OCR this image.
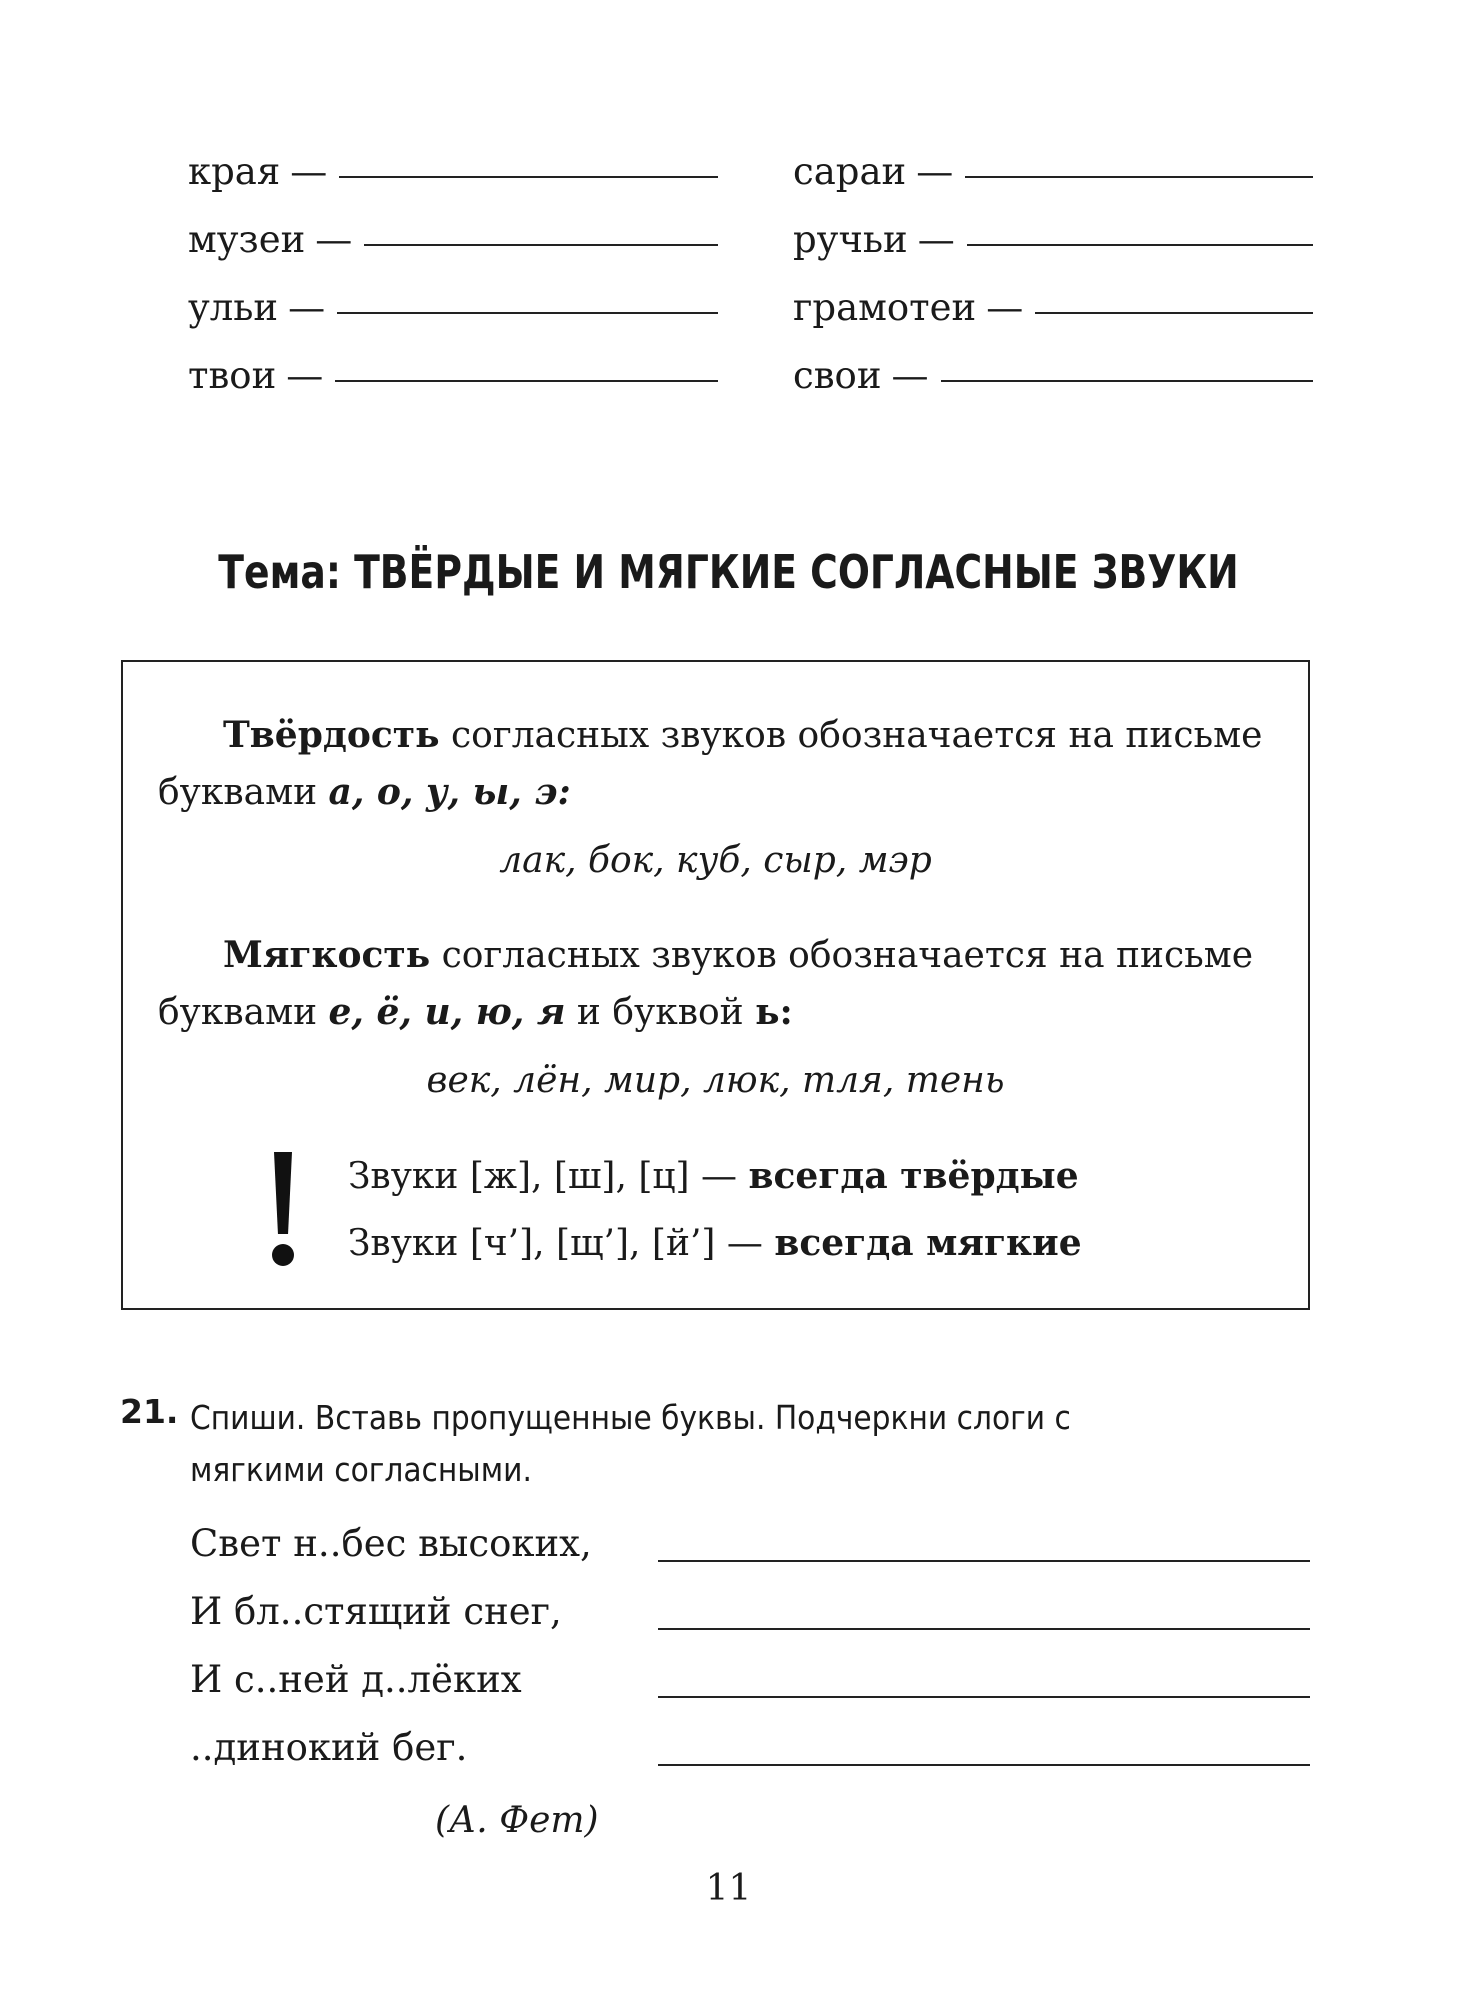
края —	сараи —
музеи —	ручьи —
ульи —	грамотеи —
твои —	свои —
Тема: ТВЁРДЫЕ И МЯГКИЕ СОГЛАСНЫЕ ЗВУКИ
Твёрдость согласных звуков обозначается на письме
буквами а, о, у, ы, э:
лак, бок, куб, сыр, мэр
Мягкость согласных звуков обозначается на письме
буквами е, ё, и, ю, я и буквой ь:
век, лён, мир, люк, тля, тень
Звуки [ж], [ш], [ц] — всегда твёрдые
Звуки [ч’], [щ’], [й’] — всегда мягкие
21. Спиши. Вставь пропущенные буквы. Подчеркни слоги с мягкими согласными.
Свет н..бес высоких,
И бл..стящий снег,
И с..ней д..лёких
..динокий бег.
(А. Фет)
11
